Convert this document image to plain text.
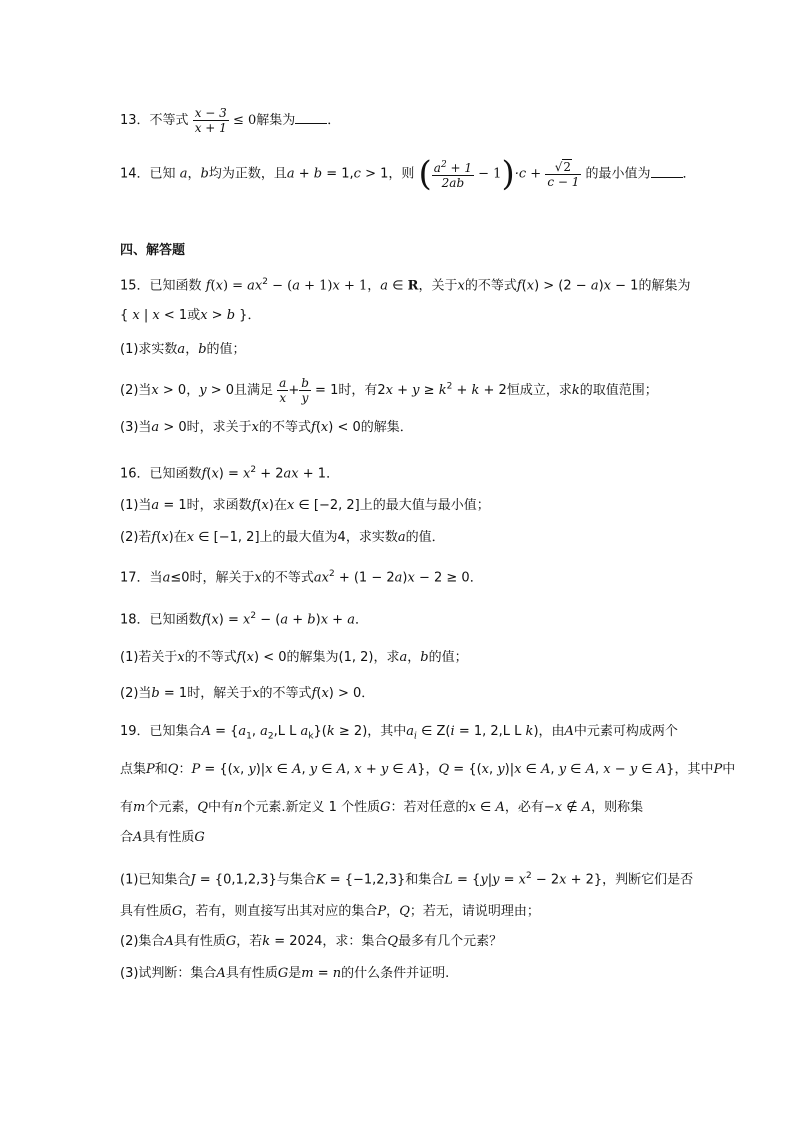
13．不等式 $\frac{x - 3}{x + 1} \le 0$解集为 ．
14．已知 a，b均为正数，且a + b = 1,c > 1，则 ( $\frac{a^2 + 1}{2ab} - 1)\cdot c + \frac{√2}{c - 1}$ 的最小值为 ．
四、解答题
15．已知函数 $f(x) = ax^2 - (a + 1)x + 1$，a ∈ R，关于x的不等式f(x) > (2 − a)x − 1的解集为
{ x | x < 1或x > b }．
(1)求实数a，b的值；
(2)当x > 0，y > 0且满足 $\frac{a}{x} + \frac{b}{y} = 1$时，有$2x + y \ge k^2 + k + 2$恒成立，求k的取值范围；
(3)当a > 0时，求关于x的不等式f(x) < 0的解集．
16．已知函数$f(x) = x^2 + 2ax + 1$．
(1)当a = 1时，求函数f(x)在x ∈ [−2, 2]上的最大值与最小值；
(2)若f(x)在x ∈ [−1, 2]上的最大值为4，求实数a的值．
17．当a≤0时，解关于x的不等式$ax^2 + (1 - 2a)x - 2 \ge 0$．
18．已知函数$f(x) = x^2 - (a + b)x + a$．
(1)若关于x的不等式f(x) < 0的解集为(1, 2)，求a，b的值；
(2)当b = 1时，解关于x的不等式f(x) > 0．
19．已知集合$A = \{a_1$, $a_2,L$ L $a_k\}(k \ge 2)$，其中$a_i$ ∈ Z(i = 1, 2,L L k)，由A中元素可构成两个
点集P和Q：P = {(x, y)|x ∈ A, y ∈ A, x + y ∈ A}，Q = {(x, y)|x ∈ A, y ∈ A, x − y ∈ A}，其中P中
有m个元素，Q中有n个元素.新定义 1 个性质G：若对任意的x ∈ A，必有−x ∉ A，则称集
合A具有性质G
(1)已知集合J = {0,1,2,3}与集合K = {−1,2,3}和集合$L = \{y|y = x^2 - 2x + 2\}$，判断它们是否
具有性质G，若有，则直接写出其对应的集合P，Q；若无，请说明理由；
(2)集合A具有性质G，若k = 2024，求：集合Q最多有几个元素？
(3)试判断：集合A具有性质G是m = n的什么条件并证明.
